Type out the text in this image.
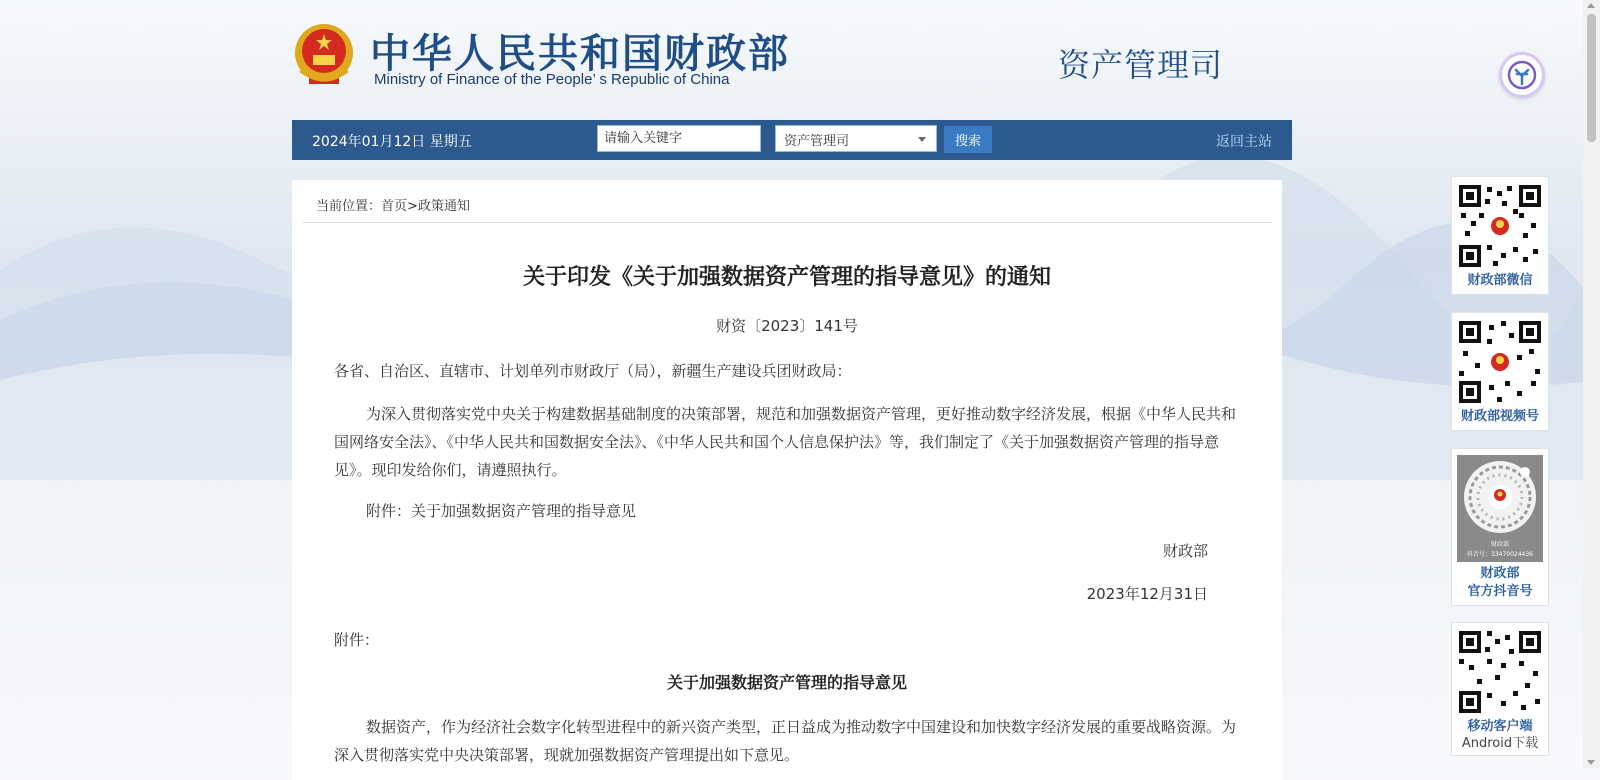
中华人民共和国财政部
Ministry of Finance of the People’ s Republic of China	资产管理司
2024年01月12日 星期五
请输入关键字	资产管理司	搜索	返回主站
当前位置：首页>政策通知
关于印发《关于加强数据资产管理的指导意见》的通知
财资〔2023〕141号
各省、自治区、直辖市、计划单列市财政厅（局），新疆生产建设兵团财政局：
为深入贯彻落实党中央关于构建数据基础制度的决策部署，规范和加强数据资产管理，更好推动数字经济发展，根据《中华人民共和国网络安全法》、《中华人民共和国数据安全法》、《中华人民共和国个人信息保护法》等，我们制定了《关于加强数据资产管理的指导意见》。现印发给你们，请遵照执行。
附件：关于加强数据资产管理的指导意见
财政部
2023年12月31日
附件：
关于加强数据资产管理的指导意见
数据资产，作为经济社会数字化转型进程中的新兴资产类型，正日益成为推动数字中国建设和加快数字经济发展的重要战略资源。为深入贯彻落实党中央决策部署，现就加强数据资产管理提出如下意见。
财政部微信
财政部视频号
财政部
抖音号：33470024436
财政部
官方抖音号
移动客户端
Android下载
